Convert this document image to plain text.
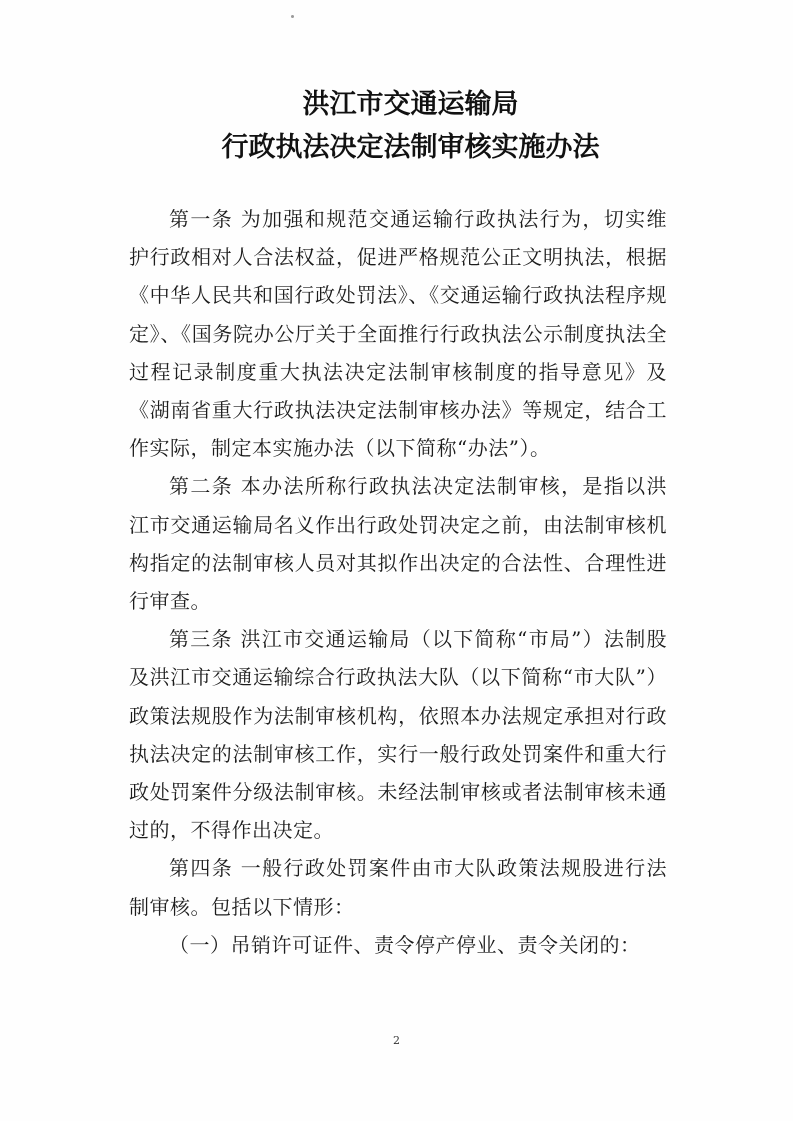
洪江市交通运输局
行政执法决定法制审核实施办法

第一条 为加强和规范交通运输行政执法行为，切实维护行政相对人合法权益，促进严格规范公正文明执法，根据《中华人民共和国行政处罚法》、《交通运输行政执法程序规定》、《国务院办公厅关于全面推行行政执法公示制度执法全过程记录制度重大执法决定法制审核制度的指导意见》及《湖南省重大行政执法决定法制审核办法》等规定，结合工作实际，制定本实施办法（以下简称“办法”）。

第二条 本办法所称行政执法决定法制审核，是指以洪江市交通运输局名义作出行政处罚决定之前，由法制审核机构指定的法制审核人员对其拟作出决定的合法性、合理性进行审查。

第三条 洪江市交通运输局（以下简称“市局”）法制股及洪江市交通运输综合行政执法大队（以下简称“市大队”）政策法规股作为法制审核机构，依照本办法规定承担对行政执法决定的法制审核工作，实行一般行政处罚案件和重大行政处罚案件分级法制审核。未经法制审核或者法制审核未通过的，不得作出决定。

第四条 一般行政处罚案件由市大队政策法规股进行法制审核。包括以下情形：

（一）吊销许可证件、责令停产停业、责令关闭的：

2
